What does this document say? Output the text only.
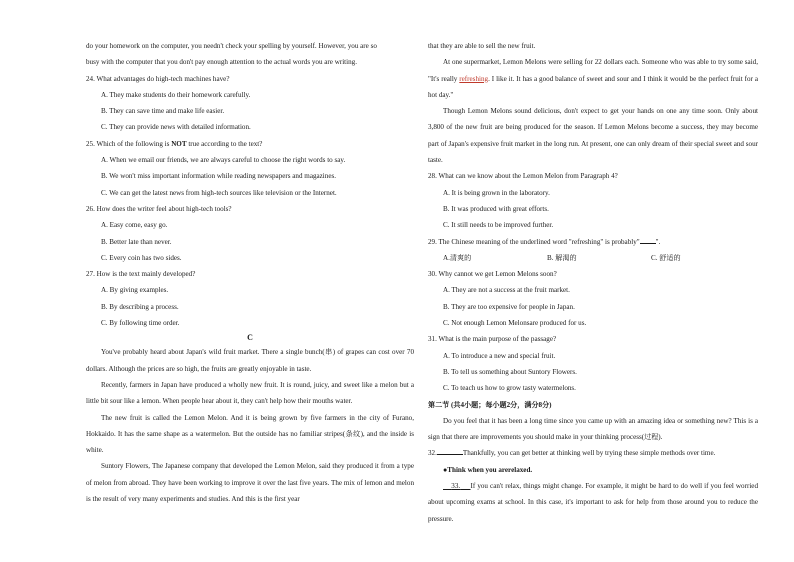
do your homework on the computer, you needn't check your spelling by yourself. However, you are so

busy with the computer that you don't pay enough attention to the actual words you are writing.

24. What advantages do high-tech machines have?

A. They make students do their homework carefully.

B. They can save time and make life easier.

C. They can provide news with detailed information.

25. Which of the following is NOT true according to the text?

A. When we email our friends, we are always careful to choose the right words to say.

B. We won't miss important information while reading newspapers and magazines.

C. We can get the latest news from high-tech sources like television or the Internet.

26. How does the writer feel about high-tech tools?

A. Easy come, easy go.

B. Better late than never.

C. Every coin has two sides.

27. How is the text mainly developed?

A. By giving examples.

B. By describing a process.

C. By following time order.

C

You've probably heard about Japan's wild fruit market. There a single bunch(串) of grapes can cost over 70 dollars. Although the prices are so high, the fruits are greatly enjoyable in taste.

Recently, farmers in Japan have produced a wholly new fruit. It is round, juicy, and sweet like a melon but a little bit sour like a lemon. When people hear about it, they can't help how their mouths water.

The new fruit is called the Lemon Melon. And it is being grown by five farmers in the city of Furano, Hokkaido. It has the same shape as a watermelon. But the outside has no familiar stripes(条纹), and the inside is white.

Suntory Flowers, The Japanese company that developed the Lemon Melon, said they produced it from a type of melon from abroad. They have been working to improve it over the last five years. The mix of lemon and melon is the result of very many experiments and studies. And this is the first year

that they are able to sell the new fruit.

At one supermarket, Lemon Melons were selling for 22 dollars each. Someone who was able to try some said, "It's really refreshing. I like it. It has a good balance of sweet and sour and I think it would be the perfect fruit for a hot day."

Though Lemon Melons sound delicious, don't expect to get your hands on one any time soon. Only about 3,800 of the new fruit are being produced for the season. If Lemon Melons become a success, they may become part of Japan's expensive fruit market in the long run. At present, one can only dream of their special sweet and sour taste.

28. What can we know about the Lemon Melon from Paragraph 4?

A. It is being grown in the laboratory.

B. It was produced with great efforts.

C. It still needs to be improved further.

29. The Chinese meaning of the underlined word "refreshing" is probably" ".

A.清爽的	B. 解渴的	C. 舒适的

30. Why cannot we get Lemon Melons soon?

A. They are not a success at the fruit market.

B. They are too expensive for people in Japan.

C. Not enough Lemon Melonsare produced for us.

31. What is the main purpose of the passage?

A. To introduce a new and special fruit.

B. To tell us something about Suntory Flowers.

C. To teach us how to grow tasty watermelons.

第二节 (共4小题；每小题2分，满分8分)

Do you feel that it has been a long time since you came up with an amazing idea or something new? This is a sign that there are improvements you should make in your thinking process(过程).

32.	Thankfully, you can get better at thinking well by trying these simple methods over time.

●Think when you arerelaxed.

33. If you can't relax, things might change. For example, it might be hard to do well if you feel worried about upcoming exams at school. In this case, it's important to ask for help from those around you to reduce the pressure.
